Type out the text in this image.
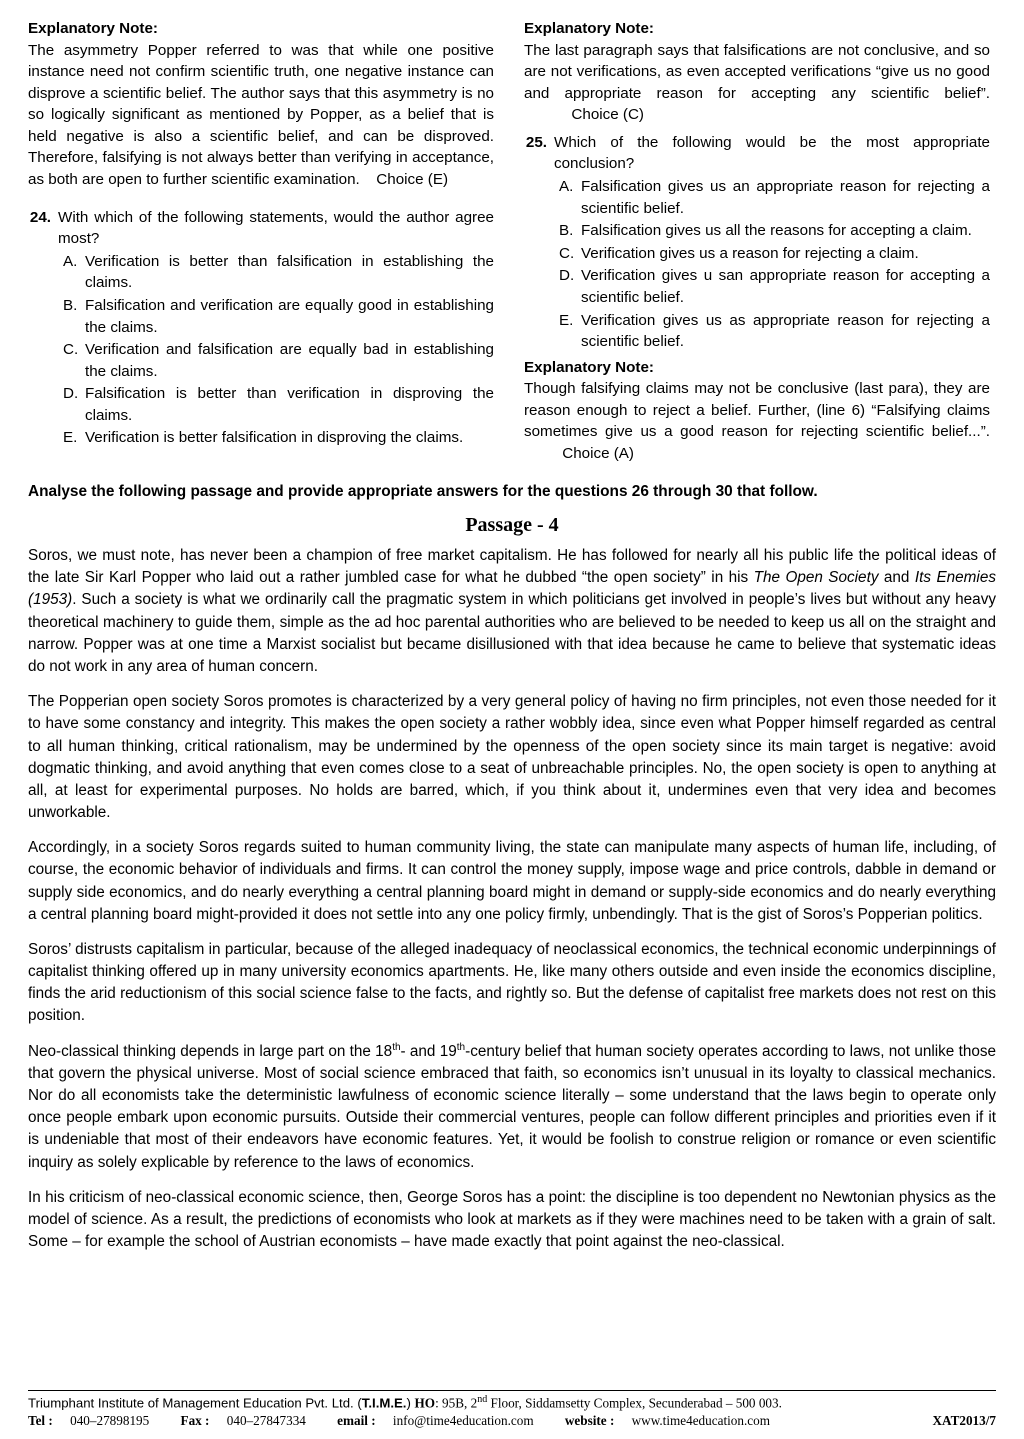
Explanatory Note:
The asymmetry Popper referred to was that while one positive instance need not confirm scientific truth, one negative instance can disprove a scientific belief. The author says that this asymmetry is no so logically significant as mentioned by Popper, as a belief that is held negative is also a scientific belief, and can be disproved. Therefore, falsifying is not always better than verifying in acceptance, as both are open to further scientific examination. Choice (E)
24. With which of the following statements, would the author agree most?
A. Verification is better than falsification in establishing the claims.
B. Falsification and verification are equally good in establishing the claims.
C. Verification and falsification are equally bad in establishing the claims.
D. Falsification is better than verification in disproving the claims.
E. Verification is better falsification in disproving the claims.
Explanatory Note:
The last paragraph says that falsifications are not conclusive, and so are not verifications, as even accepted verifications “give us no good and appropriate reason for accepting any scientific belief”. Choice (C)
25. Which of the following would be the most appropriate conclusion?
A. Falsification gives us an appropriate reason for rejecting a scientific belief.
B. Falsification gives us all the reasons for accepting a claim.
C. Verification gives us a reason for rejecting a claim.
D. Verification gives u san appropriate reason for accepting a scientific belief.
E. Verification gives us as appropriate reason for rejecting a scientific belief.
Explanatory Note:
Though falsifying claims may not be conclusive (last para), they are reason enough to reject a belief. Further, (line 6) “Falsifying claims sometimes give us a good reason for rejecting scientific belief...”. Choice (A)
Analyse the following passage and provide appropriate answers for the questions 26 through 30 that follow.
Passage - 4

Soros, we must note, has never been a champion of free market capitalism. He has followed for nearly all his public life the political ideas of the late Sir Karl Popper who laid out a rather jumbled case for what he dubbed “the open society” in his The Open Society and Its Enemies (1953). Such a society is what we ordinarily call the pragmatic system in which politicians get involved in people’s lives but without any heavy theoretical machinery to guide them, simple as the ad hoc parental authorities who are believed to be needed to keep us all on the straight and narrow. Popper was at one time a Marxist socialist but became disillusioned with that idea because he came to believe that systematic ideas do not work in any area of human concern.

The Popperian open society Soros promotes is characterized by a very general policy of having no firm principles, not even those needed for it to have some constancy and integrity. This makes the open society a rather wobbly idea, since even what Popper himself regarded as central to all human thinking, critical rationalism, may be undermined by the openness of the open society since its main target is negative: avoid dogmatic thinking, and avoid anything that even comes close to a seat of unbreachable principles. No, the open society is open to anything at all, at least for experimental purposes. No holds are barred, which, if you think about it, undermines even that very idea and becomes unworkable.

Accordingly, in a society Soros regards suited to human community living, the state can manipulate many aspects of human life, including, of course, the economic behavior of individuals and firms. It can control the money supply, impose wage and price controls, dabble in demand or supply side economics, and do nearly everything a central planning board might in demand or supply-side economics and do nearly everything a central planning board might-provided it does not settle into any one policy firmly, unbendingly. That is the gist of Soros’s Popperian politics.

Soros’ distrusts capitalism in particular, because of the alleged inadequacy of neoclassical economics, the technical economic underpinnings of capitalist thinking offered up in many university economics apartments. He, like many others outside and even inside the economics discipline, finds the arid reductionism of this social science false to the facts, and rightly so. But the defense of capitalist free markets does not rest on this position.

Neo-classical thinking depends in large part on the 18th- and 19th-century belief that human society operates according to laws, not unlike those that govern the physical universe. Most of social science embraced that faith, so economics isn’t unusual in its loyalty to classical mechanics. Nor do all economists take the deterministic lawfulness of economic science literally – some understand that the laws begin to operate only once people embark upon economic pursuits. Outside their commercial ventures, people can follow different principles and priorities even if it is undeniable that most of their endeavors have economic features. Yet, it would be foolish to construe religion or romance or even scientific inquiry as solely explicable by reference to the laws of economics.

In his criticism of neo-classical economic science, then, George Soros has a point: the discipline is too dependent no Newtonian physics as the model of science. As a result, the predictions of economists who look at markets as if they were machines need to be taken with a grain of salt. Some – for example the school of Austrian economists – have made exactly that point against the neo-classical.

Triumphant Institute of Management Education Pvt. Ltd. (T.I.M.E.) HO: 95B, 2nd Floor, Siddamsetty Complex, Secunderabad – 500 003.
Tel : 040–27898195 Fax : 040–27847334 email : info@time4education.com website : www.time4education.com	XAT2013/7
